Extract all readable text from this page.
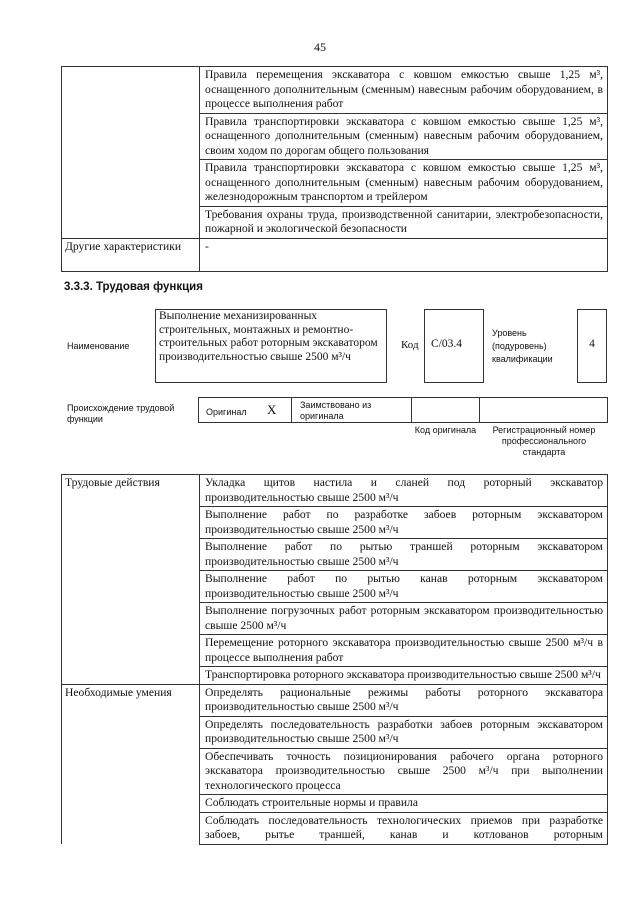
45
	Правила перемещения экскаватора с ковшом емкостью свыше 1,25 м³, оснащенного дополнительным (сменным) навесным рабочим оборудованием, в процессе выполнения работ
	Правила транспортировки экскаватора с ковшом емкостью свыше 1,25 м³, оснащенного дополнительным (сменным) навесным рабочим оборудованием, своим ходом по дорогам общего пользования
	Правила транспортировки экскаватора с ковшом емкостью свыше 1,25 м³, оснащенного дополнительным (сменным) навесным рабочим оборудованием, железнодорожным транспортом и трейлером
	Требования охраны труда, производственной санитарии, электробезопасности, пожарной и экологической безопасности
Другие характеристики	-
3.3.3. Трудовая функция
Наименование
Выполнение механизированных строительных, монтажных и ремонтно-строительных работ роторным экскаватором производительностью свыше 2500 м³/ч
Код	С/03.4
Уровень (подуровень) квалификации
4
Происхождение трудовой функции
Оригинал X	Заимствовано из оригинала
Код оригинала	Регистрационный номер профессионального стандарта
Трудовые действия	Укладка щитов настила и сланей под роторный экскаватор производительностью свыше 2500 м³/ч
	Выполнение работ по разработке забоев роторным экскаватором производительностью свыше 2500 м³/ч
	Выполнение работ по рытью траншей роторным экскаватором производительностью свыше 2500 м³/ч
	Выполнение работ по рытью канав роторным экскаватором производительностью свыше 2500 м³/ч
	Выполнение погрузочных работ роторным экскаватором производительностью свыше 2500 м³/ч
	Перемещение роторного экскаватора производительностью свыше 2500 м³/ч в процессе выполнения работ
	Транспортировка роторного экскаватора производительностью свыше 2500 м³/ч
Необходимые умения	Определять рациональные режимы работы роторного экскаватора производительностью свыше 2500 м³/ч
	Определять последовательность разработки забоев роторным экскаватором производительностью свыше 2500 м³/ч
	Обеспечивать точность позиционирования рабочего органа роторного экскаватора производительностью свыше 2500 м³/ч при выполнении технологического процесса
	Соблюдать строительные нормы и правила
	Соблюдать последовательность технологических приемов при разработке забоев, рытье траншей, канав и котлованов роторным
